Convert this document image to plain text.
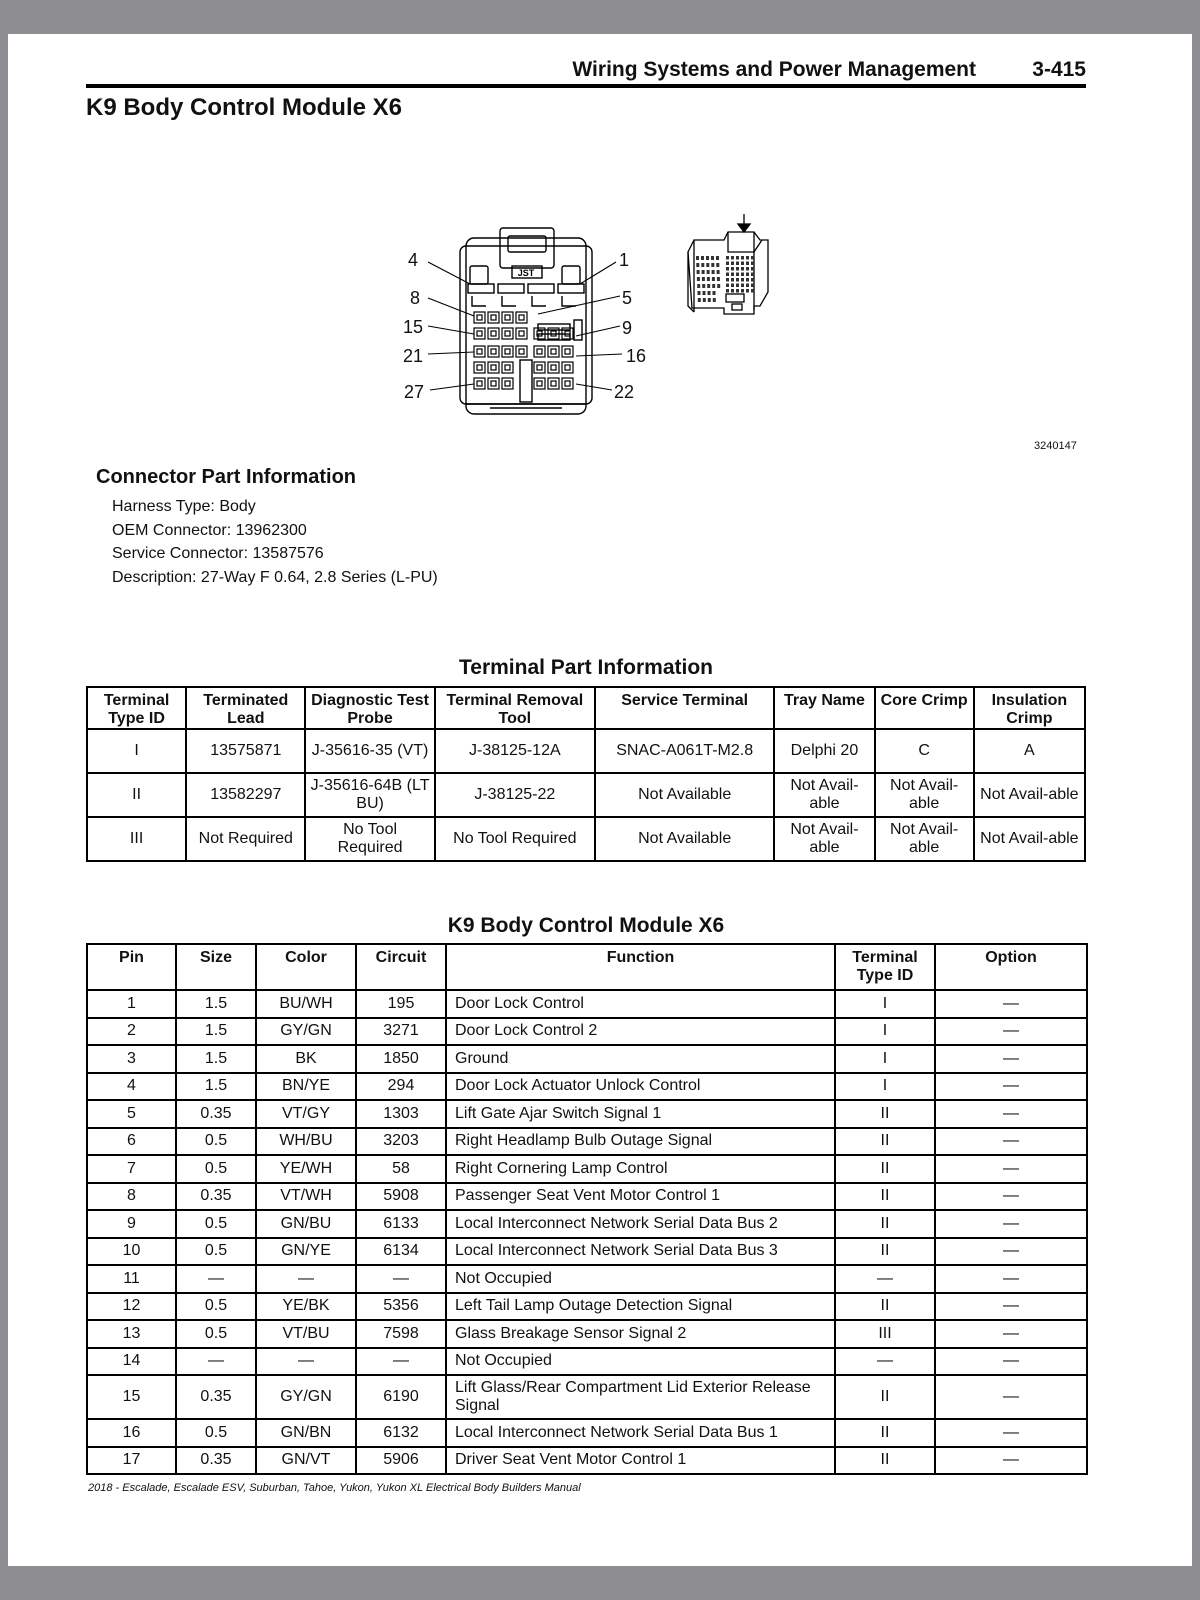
Wiring Systems and Power Management	3-415
K9 Body Control Module X6
JST
4	1
8	5
15	9
21	16
27	22
3240147
Connector Part Information
Harness Type: Body
OEM Connector: 13962300
Service Connector: 13587576
Description: 27-Way F 0.64, 2.8 Series (L-PU)
Terminal Part Information
Terminal Type ID	Terminated Lead	Diagnostic Test Probe	Terminal Removal Tool	Service Terminal	Tray Name	Core Crimp	Insulation Crimp
I	13575871	J-35616-35 (VT)	J-38125-12A	SNAC-A061T-M2.8	Delphi 20	C	A
II	13582297	J-35616-64B (LT BU)	J-38125-22	Not Available	Not Avail-able	Not Avail-able	Not Avail-able
III	Not Required	No Tool Required	No Tool Required	Not Available	Not Avail-able	Not Avail-able	Not Avail-able
K9 Body Control Module X6
Pin	Size	Color	Circuit	Function	Terminal Type ID	Option
1	1.5	BU/WH	195	Door Lock Control	I	—
2	1.5	GY/GN	3271	Door Lock Control 2	I	—
3	1.5	BK	1850	Ground	I	—
4	1.5	BN/YE	294	Door Lock Actuator Unlock Control	I	—
5	0.35	VT/GY	1303	Lift Gate Ajar Switch Signal 1	II	—
6	0.5	WH/BU	3203	Right Headlamp Bulb Outage Signal	II	—
7	0.5	YE/WH	58	Right Cornering Lamp Control	II	—
8	0.35	VT/WH	5908	Passenger Seat Vent Motor Control 1	II	—
9	0.5	GN/BU	6133	Local Interconnect Network Serial Data Bus 2	II	—
10	0.5	GN/YE	6134	Local Interconnect Network Serial Data Bus 3	II	—
11	—	—	—	Not Occupied	—	—
12	0.5	YE/BK	5356	Left Tail Lamp Outage Detection Signal	II	—
13	0.5	VT/BU	7598	Glass Breakage Sensor Signal 2	III	—
14	—	—	—	Not Occupied	—	—
15	0.35	GY/GN	6190	Lift Glass/Rear Compartment Lid Exterior Release Signal	II	—
16	0.5	GN/BN	6132	Local Interconnect Network Serial Data Bus 1	II	—
17	0.35	GN/VT	5906	Driver Seat Vent Motor Control 1	II	—
2018 - Escalade, Escalade ESV, Suburban, Tahoe, Yukon, Yukon XL Electrical Body Builders Manual
